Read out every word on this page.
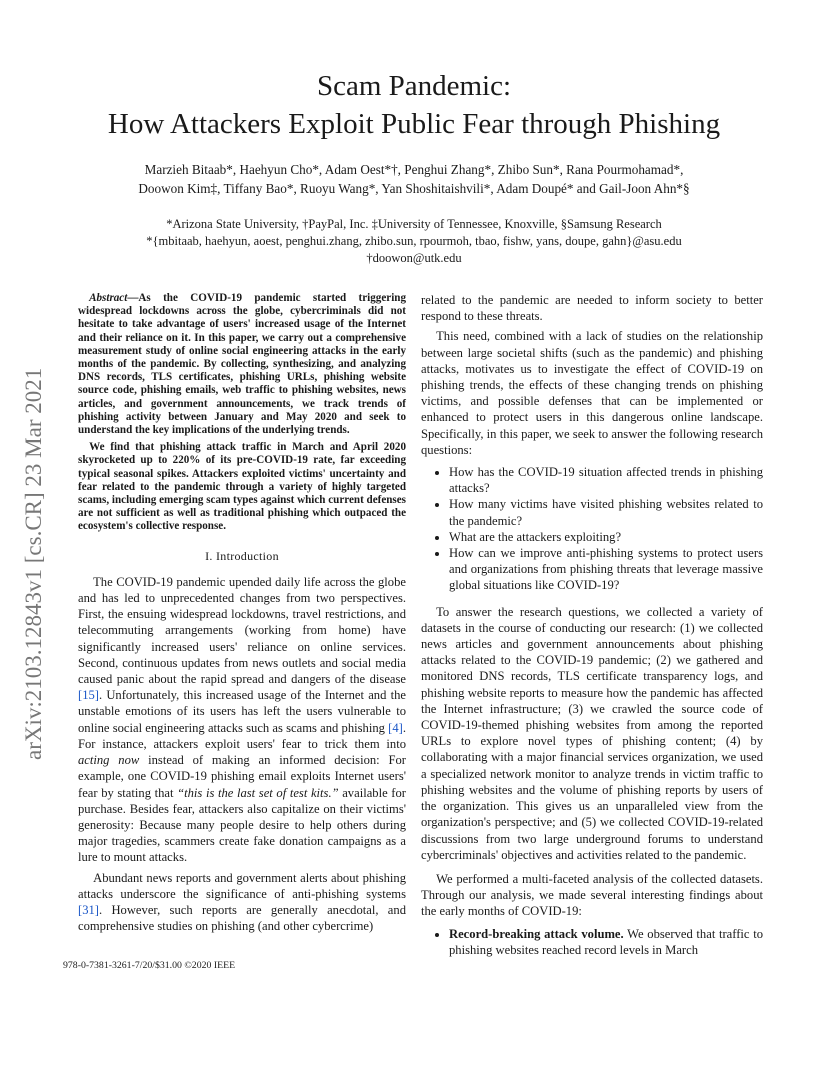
Scam Pandemic:
How Attackers Exploit Public Fear through Phishing
Marzieh Bitaab*, Haehyun Cho*, Adam Oest*†, Penghui Zhang*, Zhibo Sun*, Rana Pourmohamad*,
Doowon Kim‡, Tiffany Bao*, Ruoyu Wang*, Yan Shoshitaishvili*, Adam Doupé* and Gail-Joon Ahn*§
*Arizona State University, †PayPal, Inc. ‡University of Tennessee, Knoxville, §Samsung Research
*{mbitaab, haehyun, aoest, penghui.zhang, zhibo.sun, rpourmoh, tbao, fishw, yans, doupe, gahn}@asu.edu
†doowon@utk.edu
arXiv:2103.12843v1 [cs.CR] 23 Mar 2021

Abstract—As the COVID-19 pandemic started triggering widespread lockdowns across the globe, cybercriminals did not hesitate to take advantage of users' increased usage of the Internet and their reliance on it. In this paper, we carry out a comprehensive measurement study of online social engineering attacks in the early months of the pandemic. By collecting, synthesizing, and analyzing DNS records, TLS certificates, phishing URLs, phishing website source code, phishing emails, web traffic to phishing websites, news articles, and government announcements, we track trends of phishing activity between January and May 2020 and seek to understand the key implications of the underlying trends.

We find that phishing attack traffic in March and April 2020 skyrocketed up to 220% of its pre-COVID-19 rate, far exceeding typical seasonal spikes. Attackers exploited victims' uncertainty and fear related to the pandemic through a variety of highly targeted scams, including emerging scam types against which current defenses are not sufficient as well as traditional phishing which outpaced the ecosystem's collective response.

I. Introduction

The COVID-19 pandemic upended daily life across the globe and has led to unprecedented changes from two perspectives. First, the ensuing widespread lockdowns, travel restrictions, and telecommuting arrangements (working from home) have significantly increased users' reliance on online services. Second, continuous updates from news outlets and social media caused panic about the rapid spread and dangers of the disease [15]. Unfortunately, this increased usage of the Internet and the unstable emotions of its users has left the users vulnerable to online social engineering attacks such as scams and phishing [4]. For instance, attackers exploit users' fear to trick them into acting now instead of making an informed decision: For example, one COVID-19 phishing email exploits Internet users' fear by stating that “this is the last set of test kits.” available for purchase. Besides fear, attackers also capitalize on their victims' generosity: Because many people desire to help others during major tragedies, scammers create fake donation campaigns as a lure to mount attacks.

Abundant news reports and government alerts about phishing attacks underscore the significance of anti-phishing systems [31]. However, such reports are generally anecdotal, and comprehensive studies on phishing (and other cybercrime)

related to the pandemic are needed to inform society to better respond to these threats.

This need, combined with a lack of studies on the relationship between large societal shifts (such as the pandemic) and phishing attacks, motivates us to investigate the effect of COVID-19 on phishing trends, the effects of these changing trends on phishing victims, and possible defenses that can be implemented or enhanced to protect users in this dangerous online landscape. Specifically, in this paper, we seek to answer the following research questions:

• How has the COVID-19 situation affected trends in phishing attacks?
• How many victims have visited phishing websites related to the pandemic?
• What are the attackers exploiting?
• How can we improve anti-phishing systems to protect users and organizations from phishing threats that leverage massive global situations like COVID-19?

To answer the research questions, we collected a variety of datasets in the course of conducting our research: (1) we collected news articles and government announcements about phishing attacks related to the COVID-19 pandemic; (2) we gathered and monitored DNS records, TLS certificate transparency logs, and phishing website reports to measure how the pandemic has affected the Internet infrastructure; (3) we crawled the source code of COVID-19-themed phishing websites from among the reported URLs to explore novel types of phishing content; (4) by collaborating with a major financial services organization, we used a specialized network monitor to analyze trends in victim traffic to phishing websites and the volume of phishing reports by users of the organization. This gives us an unparalleled view from the organization's perspective; and (5) we collected COVID-19-related discussions from two large underground forums to understand cybercriminals' objectives and activities related to the pandemic.

We performed a multi-faceted analysis of the collected datasets. Through our analysis, we made several interesting findings about the early months of COVID-19:

• Record-breaking attack volume. We observed that traffic to phishing websites reached record levels in March
978-0-7381-3261-7/20/$31.00 ©2020 IEEE
